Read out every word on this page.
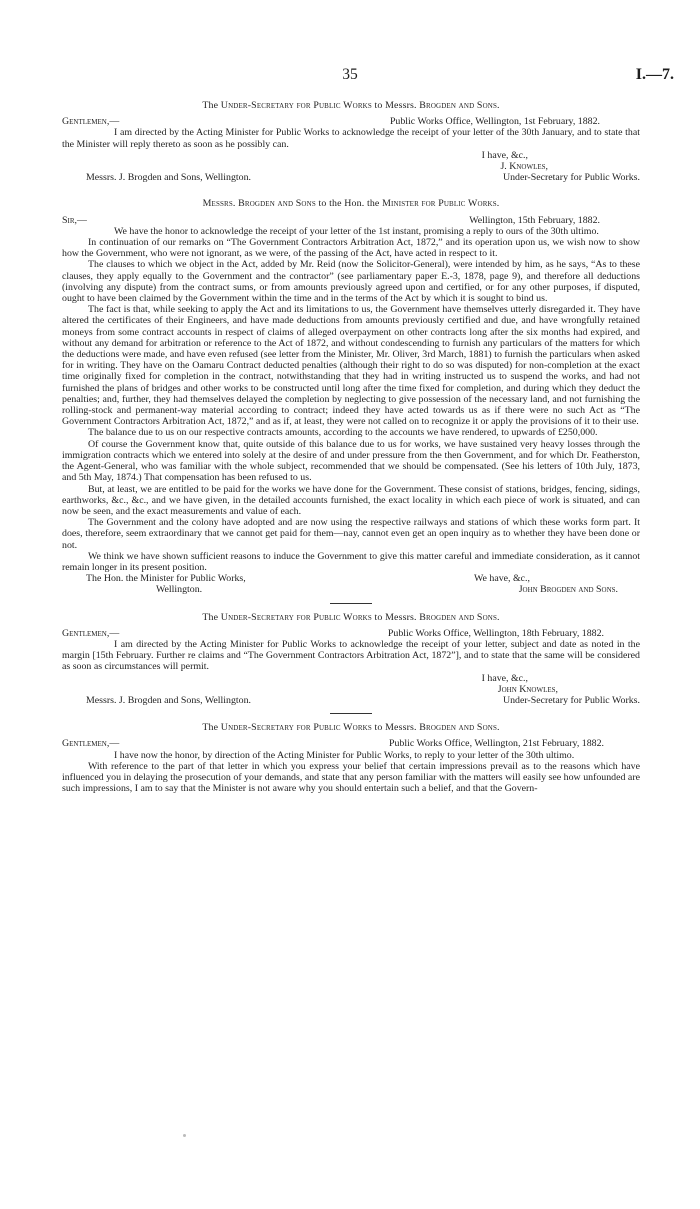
35	I.—7.
The Under-Secretary for Public Works to Messrs. Brogden and Sons.
Gentlemen,—	Public Works Office, Wellington, 1st February, 1882.

I am directed by the Acting Minister for Public Works to acknowledge the receipt of your letter of the 30th January, and to state that the Minister will reply thereto as soon as he possibly can.

I have, &c.,
J. Knowles,
Messrs. J. Brogden and Sons, Wellington.	Under-Secretary for Public Works.
Messrs. Brogden and Sons to the Hon. the Minister for Public Works.
Sir,—	Wellington, 15th February, 1882.

We have the honor to acknowledge the receipt of your letter of the 1st instant, promising a reply to ours of the 30th ultimo.

In continuation of our remarks on “The Government Contractors Arbitration Act, 1872,” and its operation upon us, we wish now to show how the Government, who were not ignorant, as we were, of the passing of the Act, have acted in respect to it.

The clauses to which we object in the Act, added by Mr. Reid (now the Solicitor-General), were intended by him, as he says, “As to these clauses, they apply equally to the Government and the contractor” (see parliamentary paper E.-3, 1878, page 9), and therefore all deductions (involving any dispute) from the contract sums, or from amounts previously agreed upon and certified, or for any other purposes, if disputed, ought to have been claimed by the Government within the time and in the terms of the Act by which it is sought to bind us.

The fact is that, while seeking to apply the Act and its limitations to us, the Government have themselves utterly disregarded it. They have altered the certificates of their Engineers, and have made deductions from amounts previously certified and due, and have wrongfully retained moneys from some contract accounts in respect of claims of alleged overpayment on other contracts long after the six months had expired, and without any demand for arbitration or reference to the Act of 1872, and without condescending to furnish any particulars of the matters for which the deductions were made, and have even refused (see letter from the Minister, Mr. Oliver, 3rd March, 1881) to furnish the particulars when asked for in writing. They have on the Oamaru Contract deducted penalties (although their right to do so was disputed) for non-completion at the exact time originally fixed for completion in the contract, notwithstanding that they had in writing instructed us to suspend the works, and had not furnished the plans of bridges and other works to be constructed until long after the time fixed for completion, and during which they deduct the penalties; and, further, they had themselves delayed the completion by neglecting to give possession of the necessary land, and not furnishing the rolling-stock and permanent-way material according to contract; indeed they have acted towards us as if there were no such Act as “The Government Contractors Arbitration Act, 1872,” and as if, at least, they were not called on to recognize it or apply the provisions of it to their use.

The balance due to us on our respective contracts amounts, according to the accounts we have rendered, to upwards of £250,000.

Of course the Government know that, quite outside of this balance due to us for works, we have sustained very heavy losses through the immigration contracts which we entered into solely at the desire of and under pressure from the then Government, and for which Dr. Featherston, the Agent-General, who was familiar with the whole subject, recommended that we should be compensated. (See his letters of 10th July, 1873, and 5th May, 1874.) That compensation has been refused to us.

But, at least, we are entitled to be paid for the works we have done for the Government. These consist of stations, bridges, fencing, sidings, earthworks, &c., &c., and we have given, in the detailed accounts furnished, the exact locality in which each piece of work is situated, and can now be seen, and the exact measurements and value of each.

The Government and the colony have adopted and are now using the respective railways and stations of which these works form part. It does, therefore, seem extraordinary that we cannot get paid for them—nay, cannot even get an open inquiry as to whether they have been done or not.

We think we have shown sufficient reasons to induce the Government to give this matter careful and immediate consideration, as it cannot remain longer in its present position.

The Hon. the Minister for Public Works,	We have, &c.,
Wellington.	John Brogden and Sons.
The Under-Secretary for Public Works to Messrs. Brogden and Sons.
Gentlemen,—	Public Works Office, Wellington, 18th February, 1882.

I am directed by the Acting Minister for Public Works to acknowledge the receipt of your letter, subject and date as noted in the margin [15th February. Further re claims and “The Government Contractors Arbitration Act, 1872”], and to state that the same will be considered as soon as circumstances will permit.

I have, &c.,
John Knowles,
Messrs. J. Brogden and Sons, Wellington.	Under-Secretary for Public Works.
The Under-Secretary for Public Works to Messrs. Brogden and Sons.
Gentlemen,—	Public Works Office, Wellington, 21st February, 1882.

I have now the honor, by direction of the Acting Minister for Public Works, to reply to your letter of the 30th ultimo.

With reference to the part of that letter in which you express your belief that certain impressions prevail as to the reasons which have influenced you in delaying the prosecution of your demands, and state that any person familiar with the matters will easily see how unfounded are such impressions, I am to say that the Minister is not aware why you should entertain such a belief, and that the Govern-
